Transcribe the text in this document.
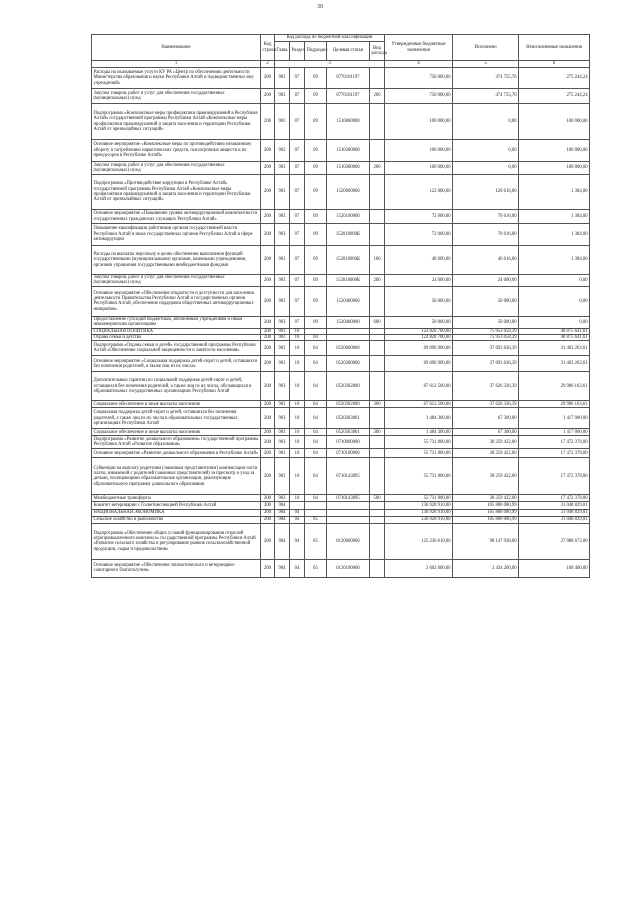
30
Наименование	Код строки	Код расхода по бюджетной классификации					Утвержденные бюджетные назначения	Исполнено	Неисполненные назначения
		Глава	Раздел	Подраздел	Целевая статья	Вид расхода			
1	2	3					4	5	6
Расходы на оказываемые услуги КУ РА «Центр по обеспечению деятельности Министерства образования и науки Республики Алтай и подведомственных ему учреждений»	200	903	07	09	0770101197		750 000,00	474 755,76	275 244,24
Закупка товаров, работ и услуг для обеспечения государственных (муниципальных) нужд	200	903	07	09	0770101197	200	750 000,00	474 755,76	275 244,24
Подпрограмма «Комплексные меры профилактики правонарушений в Республике Алтай» государственной программы Республики Алтай «Комплексные меры профилактики правонарушений и защита населения и территории Республики Алтай от чрезвычайных ситуаций»	200	903	07	09	1510000000		100 000,00	0,00	100 000,00
Основное мероприятие «Комплексные меры по противодействию незаконному обороту и потреблению наркотических средств, психотропных веществ и их прекурсоров в Республике Алтай»	200	903	07	09	1510300000		100 000,00	0,00	100 000,00
Закупка товаров, работ и услуг для обеспечения государственных (муниципальных) нужд	200	903	07	09	1510300000	200	100 000,00	0,00	100 000,00
Подпрограмма «Противодействие коррупции в Республике Алтай» государственной программы Республики Алтай «Комплексные меры профилактики правонарушений и защита населения и территории Республики Алтай от чрезвычайных ситуаций»	200	903	07	09	1520000000		122 000,00	120 616,00	1 384,00
Основное мероприятие «Повышение уровня антикоррупционной компетентности государственных гражданских служащих Республики Алтай»	200	903	07	09	1520100000		72 000,00	70 616,00	1 384,00
Повышение квалификации работников органов государственной власти Республики Алтай и иных государственных органов Республики Алтай в сфере антикоррупции	200	903	07	09	152010000К		72 000,00	70 616,00	1 384,00
Расходы на выплаты персоналу в целях обеспечения выполнения функций государственными (муниципальными) органами, казенными учреждениями, органами управления государственными внебюджетными фондами	200	903	07	09	152010000К	100	48 000,00	46 616,00	1 384,00
Закупка товаров, работ и услуг для обеспечения государственных (муниципальных) нужд	200	903	07	09	152010000К	200	24 000,00	24 000,00	0,00
Основное мероприятие «Обеспечение открытости и доступности для населения деятельности Правительства Республики Алтай и государственных органов Республики Алтай, обеспечение поддержки общественных антикоррупционных инициатив»	200	903	07	09	1520400000		50 000,00	50 000,00	0,00
Предоставление субсидий бюджетным, автономным учреждениям и иным некоммерческим организациям	200	903	07	09	1520400000	600	50 000,00	50 000,00	0,00
СОЦИАЛЬНАЯ ПОЛИТИКА	200	903	10				124 828 700,00	75 953 058,39	48 875 641,61
Охрана семьи и детства	200	903	10	04			124 828 700,00	75 953 058,39	48 875 641,61
Подпрограмма «Охрана семьи и детей» государственной программы Республики Алтай «Обеспечение социальной защищенности и занятости населения»	200	903	10	04	0520000000		69 096 900,00	37 693 636,39	31 403 263,61
Основное мероприятие «Социальная поддержка детей-сирот и детей, оставшихся без попечения родителей, а также лиц из их числа»	200	903	10	04	0520300000		69 096 900,00	37 693 636,39	31 403 263,61
Дополнительные гарантии по социальной поддержке детей-сирот и детей, оставшихся без попечения родителей, а также лиц из их числа, обучающихся в образовательных государственных организациях Республики Алтай	200	903	10	04	0520302000		67 612 500,00	37 626 336,39	29 986 163,61
Социальное обеспечение и иные выплаты населению	200	903	10	04	0520302000	300	67 612 500,00	37 626 336,39	29 986 163,61
Социальная поддержка детей-сирот и детей, оставшихся без попечения родителей, а также лиц из их числа в образовательных государственных организациях Республики Алтай	200	903	10	04	0520303061		1 484 300,00	67 300,00	1 417 000,00
Социальное обеспечение и иные выплаты населению	200	903	10	04	0520303061	300	1 484 300,00	67 300,00	1 417 000,00
Подпрограмма «Развитие дошкольного образования» государственной программы Республики Алтай «Развитие образования»	200	903	10	04	0710000000		55 731 800,00	38 259 422,00	17 472 378,00
Основное мероприятие «Развитие дошкольного образования в Республике Алтай»	200	903	10	04	0710100000		55 731 800,00	38 259 422,00	17 472 378,00
Субвенции на выплату родителям (законным представителям) компенсации части платы, взимаемой с родителей (законных представителей) за присмотр и уход за детьми, посещающими образовательные организации, реализующие образовательную программу дошкольного образования	200	903	10	04	0710143895		55 731 800,00	38 259 422,00	17 472 378,00
Межбюджетные трансферты	200	903	10	04	0710143895	500	55 731 800,00	38 259 422,00	17 472 378,00
Комитет ветеринарии с Госветинспекцией Республики Алтай	200	904					136 928 910,00	105 880 080,99	31 048 829,01
НАЦИОНАЛЬНАЯ ЭКОНОМИКА	200	904	04				136 928 910,00	105 880 080,99	31 048 829,01
Сельское хозяйство и рыболовство	200	904	04	05			136 928 910,00	105 880 080,99	31 048 829,01
Подпрограмма «Обеспечение общих условий функционирования отраслей агропромышленного комплекса» государственной программы Республики Алтай «Развитие сельского хозяйства и регулирование рынков сельскохозяйственной продукции, сырья и продовольствия»	200	904	04	05	0120000000		125 236 610,00	98 147 938,00	27 088 672,00
Основное мероприятие «Обеспечение эпизоотического и ветеринарно-санитарного благополучия»	200	904	04	05	0120100000		2 602 600,00	2 434 200,00	168 400,00
